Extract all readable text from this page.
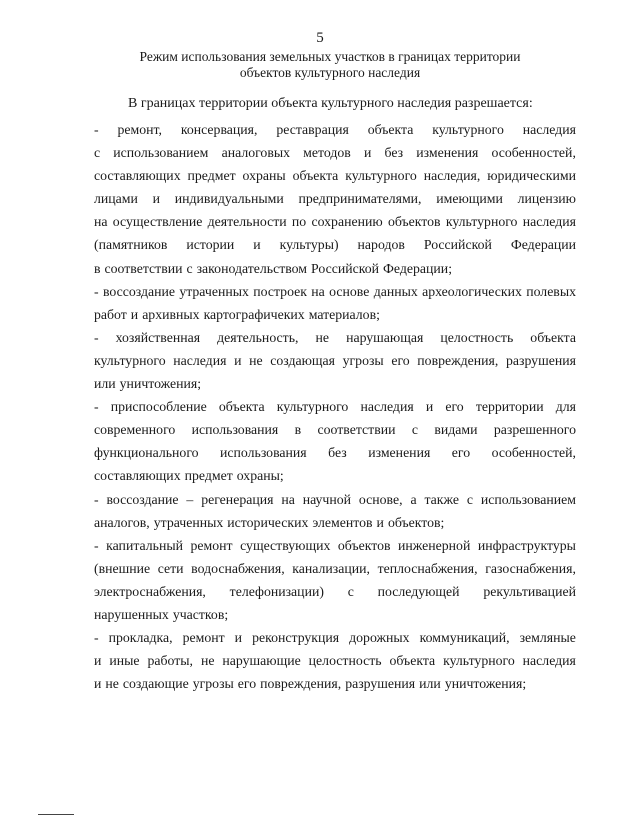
5
Режим использования земельных участков в границах территории
объектов культурного наследия
В границах территории объекта культурного наследия разрешается:
- ремонт, консервация, реставрация объекта культурного наследия
с использованием аналоговых методов и без изменения особенностей,
составляющих предмет охраны объекта культурного наследия, юридическими
лицами и индивидуальными предпринимателями, имеющими лицензию
на осуществление деятельности по сохранению объектов культурного наследия
(памятников истории и культуры) народов Российской Федерации
в соответствии с законодательством Российской Федерации;
- воссоздание утраченных построек на основе данных археологических полевых
работ и архивных картографичеких материалов;
- хозяйственная деятельность, не нарушающая целостность объекта
культурного наследия и не создающая угрозы его повреждения, разрушения
или уничтожения;
- приспособление объекта культурного наследия и его территории для
современного использования в соответствии с видами разрешенного
функционального использования без изменения его особенностей,
составляющих предмет охраны;
- воссоздание – регенерация на научной основе, а также с использованием
аналогов, утраченных исторических элементов и объектов;
- капитальный ремонт существующих объектов инженерной инфраструктуры
(внешние сети водоснабжения, канализации, теплоснабжения, газоснабжения,
электроснабжения, телефонизации) с последующей рекультивацией
нарушенных участков;
- прокладка, ремонт и реконструкция дорожных коммуникаций, земляные
и иные работы, не нарушающие целостность объекта культурного наследия
и не создающие угрозы его повреждения, разрушения или уничтожения;
